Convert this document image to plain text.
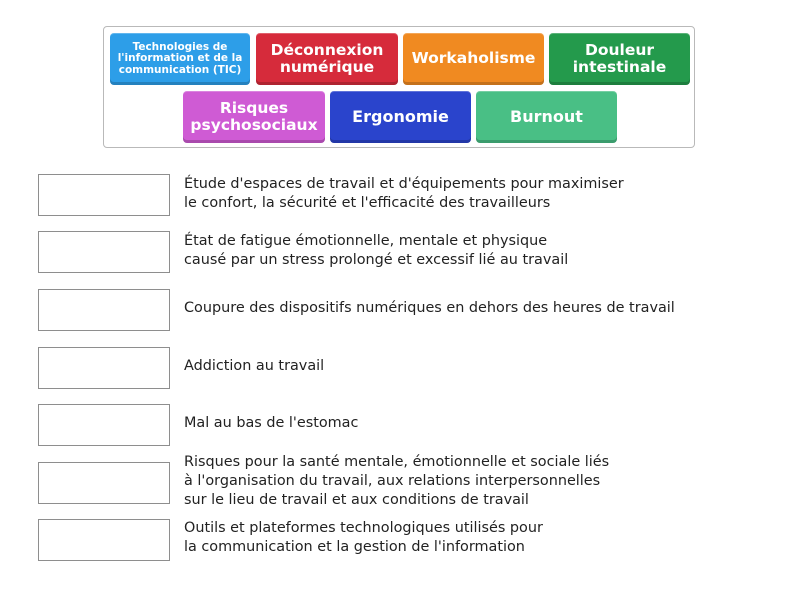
Technologies de
l'information et de la
communication (TIC)
Déconnexion
numérique	Workaholisme	Douleur
intestinale
Risques
psychosociaux Ergonomie	Burnout
Étude d'espaces de travail et d'équipements pour maximiser
le confort, la sécurité et l'efficacité des travailleurs
État de fatigue émotionnelle, mentale et physique
causé par un stress prolongé et excessif lié au travail
Coupure des dispositifs numériques en dehors des heures de travail
Addiction au travail
Mal au bas de l'estomac
Risques pour la santé mentale, émotionnelle et sociale liés
à l'organisation du travail, aux relations interpersonnelles
sur le lieu de travail et aux conditions de travail
Outils et plateformes technologiques utilisés pour
la communication et la gestion de l'information
